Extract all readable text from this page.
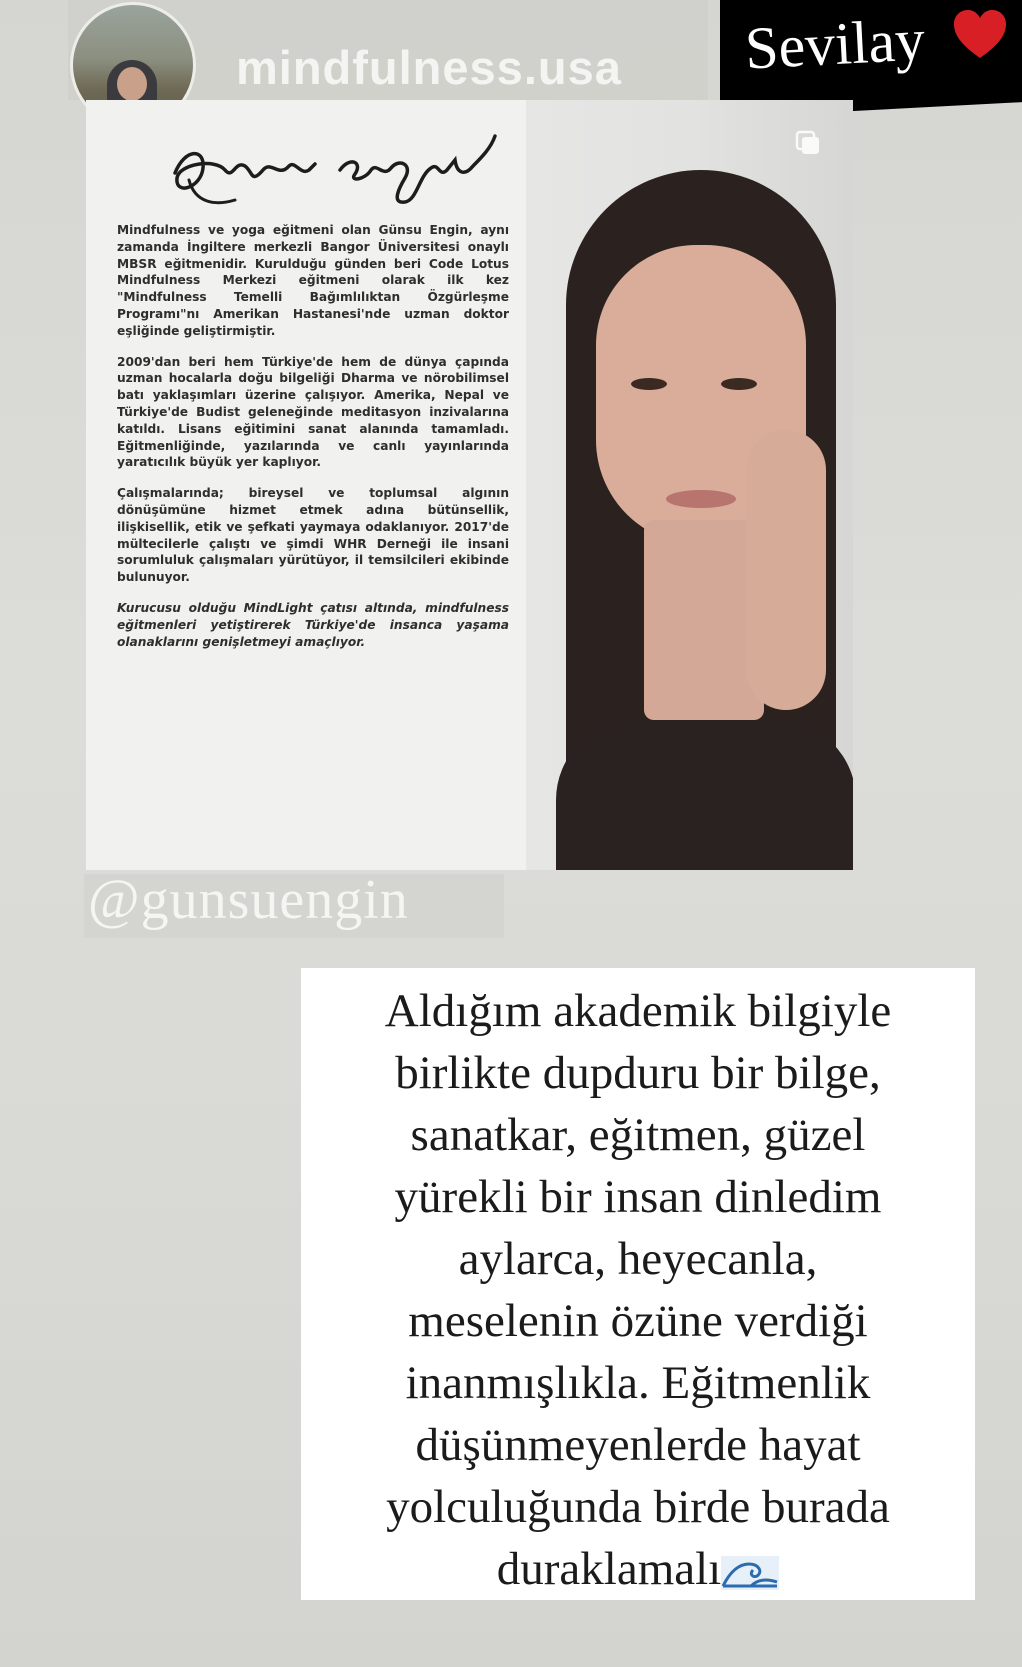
mindfulness.usa Sevilay

Mindfulness ve yoga eğitmeni olan Günsu Engin, aynı zamanda İngiltere merkezli Bangor Üniversitesi onaylı MBSR eğitmenidir. Kurulduğu günden beri Code Lotus Mindfulness Merkezi eğitmeni olarak ilk kez "Mindfulness Temelli Bağımlılıktan Özgürleşme Programı"nı Amerikan Hastanesi'nde uzman doktor eşliğinde geliştirmiştir.

2009'dan beri hem Türkiye'de hem de dünya çapında uzman hocalarla doğu bilgeliği Dharma ve nörobilimsel batı yaklaşımları üzerine çalışıyor. Amerika, Nepal ve Türkiye'de Budist geleneğinde meditasyon inzivalarına katıldı. Lisans eğitimini sanat alanında tamamladı. Eğitmenliğinde, yazılarında ve canlı yayınlarında yaratıcılık büyük yer kaplıyor.

Çalışmalarında; bireysel ve toplumsal algının dönüşümüne hizmet etmek adına bütünsellik, ilişkisellik, etik ve şefkati yaymaya odaklanıyor. 2017'de mültecilerle çalıştı ve şimdi WHR Derneği ile insani sorumluluk çalışmaları yürütüyor, il temsilcileri ekibinde bulunuyor.

Kurucusu olduğu MindLight çatısı altında, mindfulness eğitmenleri yetiştirerek Türkiye'de insanca yaşama olanaklarını genişletmeyi amaçlıyor.

@gunsuengin
Aldığım akademik bilgiyle
birlikte dupduru bir bilge,
sanatkar, eğitmen, güzel
yürekli bir insan dinledim
aylarca, heyecanla,
meselenin özüne verdiği
inanmışlıkla. Eğitmenlik
düşünmeyenlerde hayat
yolculuğunda birde burada
duraklamalı
